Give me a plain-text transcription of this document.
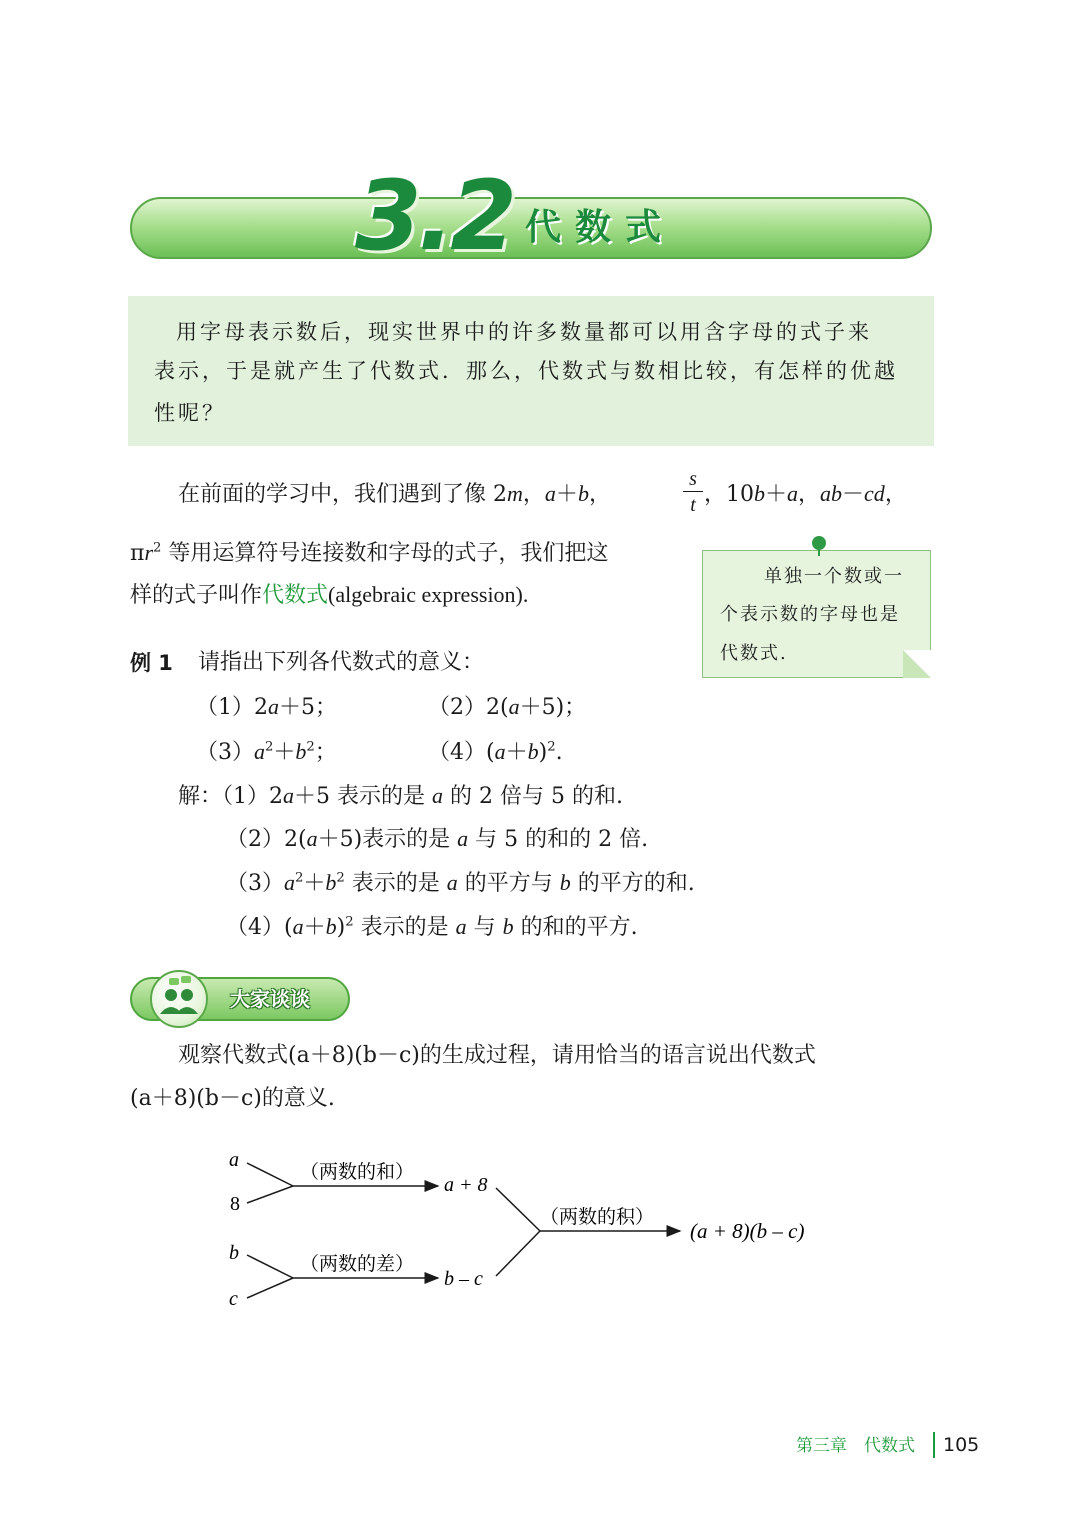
3.2 代数式
用字母表示数后，现实世界中的许多数量都可以用含字母的式子来
表示，于是就产生了代数式．那么，代数式与数相比较，有怎样的优越
性呢？
在前面的学习中，我们遇到了像 2m，a＋b，
s
t ，10b＋a，ab－cd，
$\pi r^2$ 等用运算符号连接数和字母的式子，我们把这
样的式子叫作代数式(algebraic expression).
单独一个数或一
个表示数的字母也是
代数式.
例 1 请指出下列各代数式的意义：
（1）2a＋5；	（2）2(a＋5)；
$(3)a^2+b^2$；	$(4)(a+b)^2$.
解：（1）2a＋5 表示的是 a 的 2 倍与 5 的和.
（2）2(a＋5)表示的是 a 与 5 的和的 2 倍.
$(3)a^2+b^2$ 表示的是 a 的平方与 b 的平方的和.
$(4)(a+b)^2$ 表示的是 a 与 b 的和的平方.
大家谈谈
观察代数式(a＋8)(b－c)的生成过程，请用恰当的语言说出代数式
(a＋8)(b－c)的意义.
a
8
b
c
（两数的和）
（两数的差）
（两数的积）
a + 8
b – c
(a + 8)(b – c)
第三章　代数式 105
